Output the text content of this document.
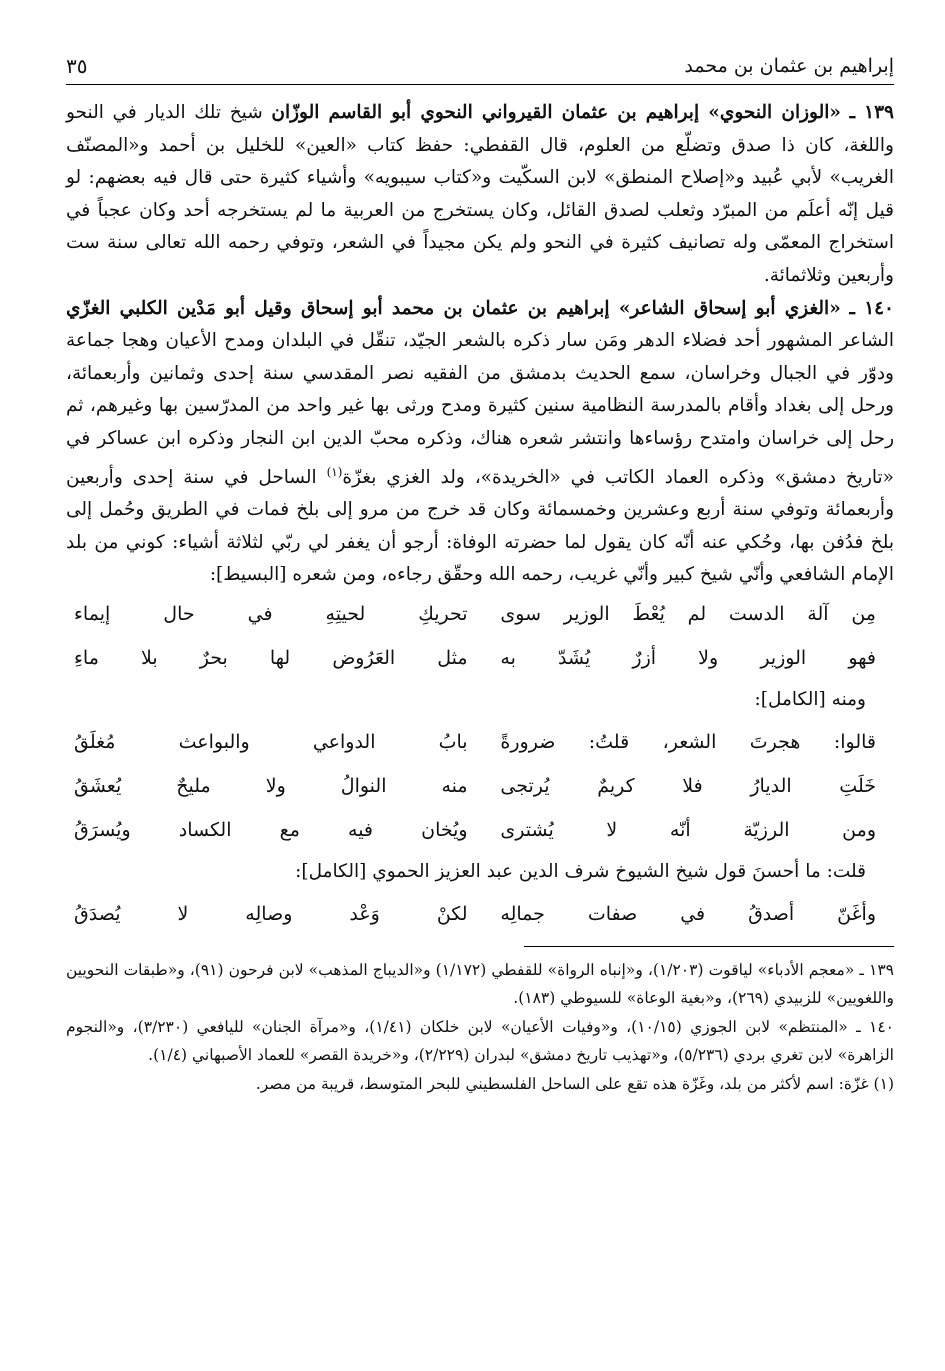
إبراهيم بن عثمان بن محمد
٣٥

١٣٩ ـ «الوزان النحوي» إبراهيم بن عثمان القيرواني النحوي أبو القاسم الوزّان شيخ تلك الديار في النحو واللغة، كان ذا صدق وتضلّع من العلوم، قال القفطي: حفظ كتاب «العين» للخليل بن أحمد و«المصنّف الغريب» لأبي عُبيد و«إصلاح المنطق» لابن السكّيت و«كتاب سيبويه» وأشياء كثيرة حتى قال فيه بعضهم: لو قيل إنّه أعلَم من المبرّد وثعلب لصدق القائل، وكان يستخرج من العربية ما لم يستخرجه أحد وكان عجباً في استخراج المعمّى وله تصانيف كثيرة في النحو ولم يكن مجيداً في الشعر، وتوفي رحمه الله تعالى سنة ست وأربعين وثلاثمائة.

١٤٠ ـ «الغزي أبو إسحاق الشاعر» إبراهيم بن عثمان بن محمد أبو إسحاق وقيل أبو مَدْين الكلبي الغزّي الشاعر المشهور أحد فضلاء الدهر ومَن سار ذكره بالشعر الجيّد، تنقّل في البلدان ومدح الأعيان وهجا جماعة ودوّر في الجبال وخراسان، سمع الحديث بدمشق من الفقيه نصر المقدسي سنة إحدى وثمانين وأربعمائة، ورحل إلى بغداد وأقام بالمدرسة النظامية سنين كثيرة ومدح ورثى بها غير واحد من المدرّسين بها وغيرهم، ثم رحل إلى خراسان وامتدح رؤساءها وانتشر شعره هناك، وذكره محبّ الدين ابن النجار وذكره ابن عساكر في «تاريخ دمشق» وذكره العماد الكاتب في «الخريدة»، ولد الغزي بغزّة$^{(١)}$ الساحل في سنة إحدى وأربعين وأربعمائة وتوفي سنة أربع وعشرين وخمسمائة وكان قد خرج من مرو إلى بلخ فمات في الطريق وحُمل إلى بلخ فدُفن بها، وحُكي عنه أنّه كان يقول لما حضرته الوفاة: أرجو أن يغفر لي ربّي لثلاثة أشياء: كوني من بلد الإمام الشافعي وأنّي شيخ كبير وأنّي غريب، رحمه الله وحقّق رجاءه، ومن شعره [البسيط]:

مِن آلة الدست لم يُعْطَ الوزير سوى
تحريكِ لحيتِهِ في حال إيماء
فهو الوزير ولا أزرٌ يُشَدّ به
مثل العَرُوض لها بحرٌ بلا ماءِ
ومنه [الكامل]:
قالوا: هجرتَ الشعر، قلتُ: ضرورةً
بابُ الدواعي والبواعث مُغلَقُ
خَلَتِ الديارُ فلا كريمٌ يُرتجى
منه النوالُ ولا مليحٌ يُعشَقُ
ومن الرزيّة أنّه لا يُشترى
ويُخان فيه مع الكساد ويُسرَقُ
قلت: ما أحسنَ قول شيخ الشيوخ شرف الدين عبد العزيز الحموي [الكامل]:
وأغَنّ أصدقُ في صفات جمالِه
لكنْ وَعْد وصالِه لا يُصدَقُ

١٣٩ ـ «معجم الأدباء» لياقوت (١/٢٠٣)، و«إنباه الرواة» للقفطي (١/١٧٢) و«الديباج المذهب» لابن فرحون (٩١)، و«طبقات النحويين واللغويين» للزبيدي (٢٦٩)، و«بغية الوعاة» للسيوطي (١٨٣).

١٤٠ ـ «المنتظم» لابن الجوزي (١٠/١٥)، و«وفيات الأعيان» لابن خلكان (١/٤١)، و«مرآة الجنان» لليافعي (٣/٢٣٠)، و«النجوم الزاهرة» لابن تغري بردي (٥/٢٣٦)، و«تهذيب تاريخ دمشق» لبدران (٢/٢٢٩)، و«خريدة القصر» للعماد الأصبهاني (١/٤).

(١) غزّة: اسم لأكثر من بلد، وغَزّة هذه تقع على الساحل الفلسطيني للبحر المتوسط، قريبة من مصر.
